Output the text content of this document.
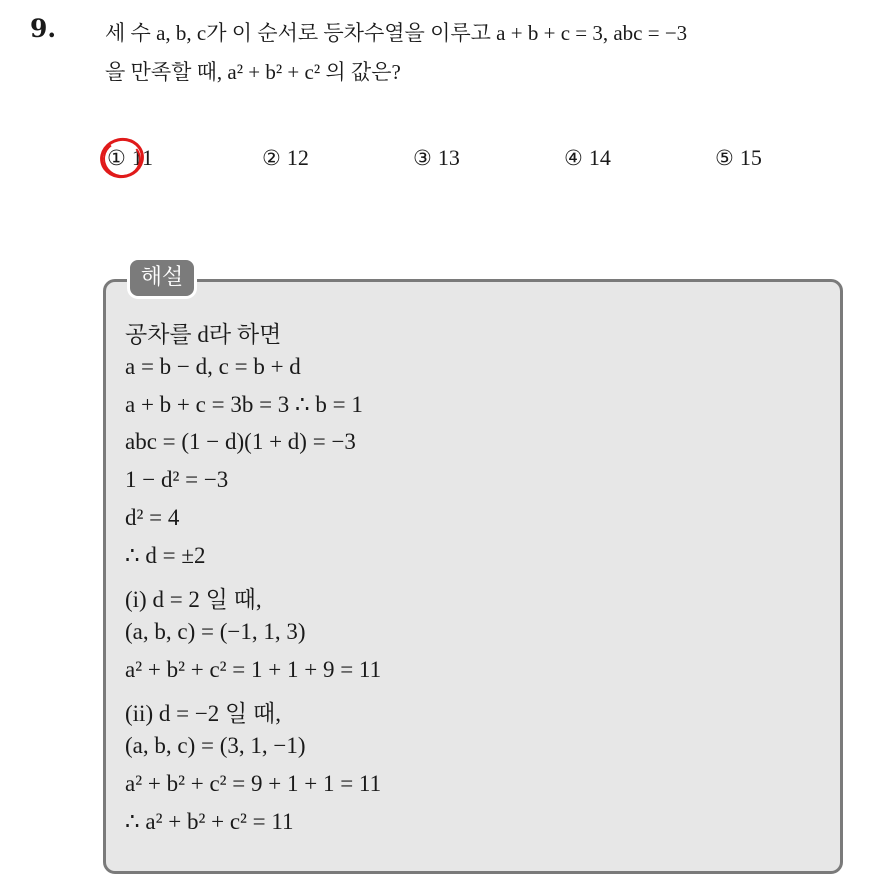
9. 세 수 a, b, c가 이 순서로 등차수열을 이루고 a + b + c = 3, abc = −3
을 만족할 때, a² + b² + c² 의 값은?
① 11	② 12	③ 13	④ 14	⑤ 15
해설
공차를 d라 하면
a = b − d, c = b + d
a + b + c = 3b = 3 ∴ b = 1
abc = (1 − d)(1 + d) = −3
1 − d² = −3
d² = 4
∴ d = ±2
(i) d = 2 일 때,
(a, b, c) = (−1, 1, 3)
a² + b² + c² = 1 + 1 + 9 = 11
(ii) d = −2 일 때,
(a, b, c) = (3, 1, −1)
a² + b² + c² = 9 + 1 + 1 = 11
∴ a² + b² + c² = 11
